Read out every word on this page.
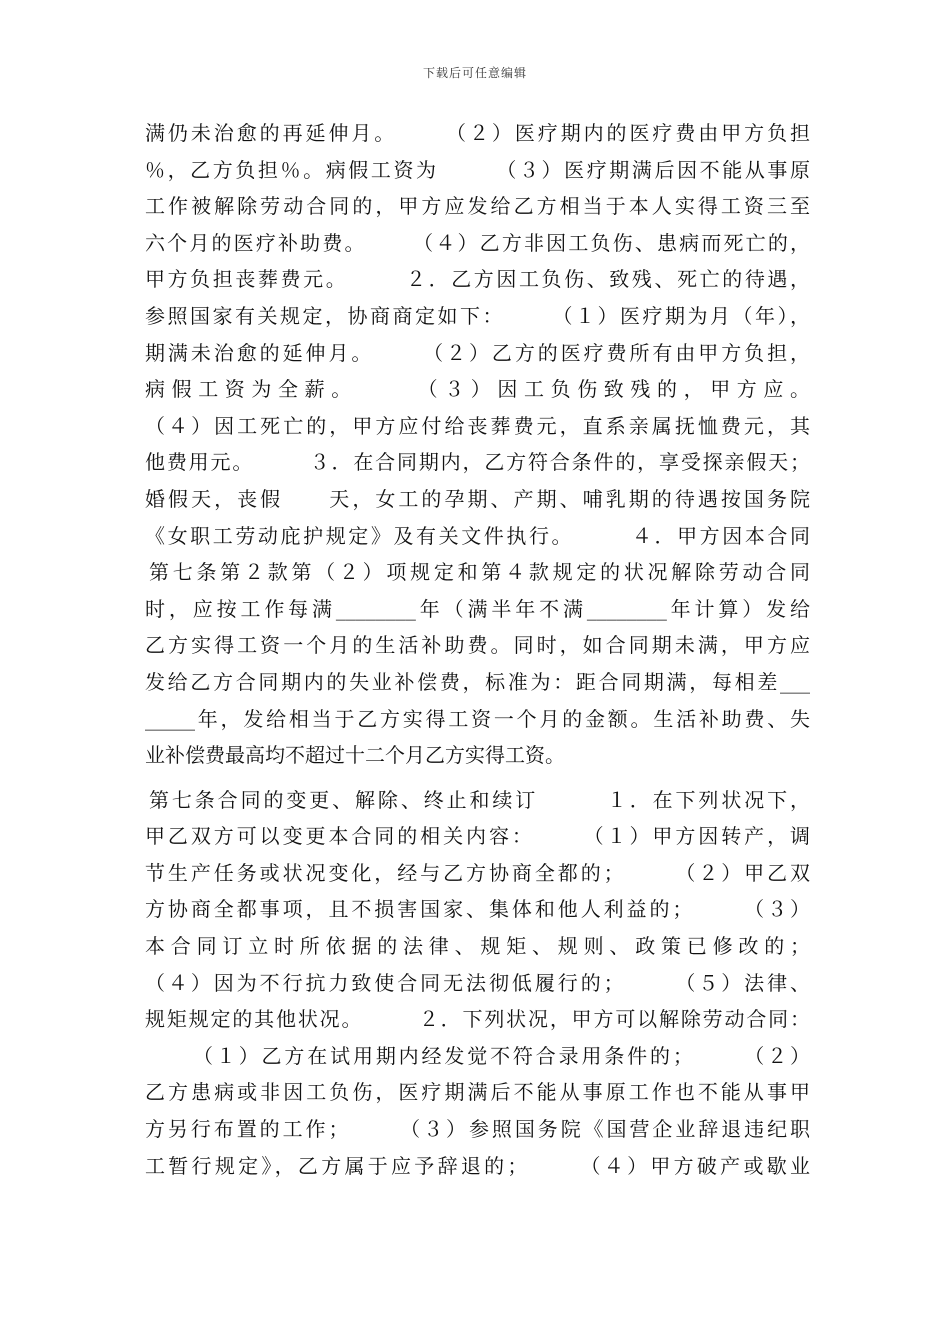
下载后可任意编辑
满仍未治愈的再延伸月。　　　（２）医疗期内的医疗费由甲方负担
％，乙方负担％。病假工资为　　　（３）医疗期满后因不能从事原
工作被解除劳动合同的，甲方应发给乙方相当于本人实得工资三至
六个月的医疗补助费。　　　（４）乙方非因工负伤、患病而死亡的，
甲方负担丧葬费元。　　　２．乙方因工负伤、致残、死亡的待遇，
参照国家有关规定，协商商定如下：　　　（１）医疗期为月（年），
期满未治愈的延伸月。　　　（２）乙方的医疗费所有由甲方负担，
病假工资为全薪。　　　（３）因工负伤致残的，甲方应。
（４）因工死亡的，甲方应付给丧葬费元，直系亲属抚恤费元，其
他费用元。　　　３．在合同期内，乙方符合条件的，享受探亲假天；
婚假天，丧假　　天，女工的孕期、产期、哺乳期的待遇按国务院
《女职工劳动庇护规定》及有关文件执行。　　　４．甲方因本合同
第七条第２款第（２）项规定和第４款规定的状况解除劳动合同
时，应按工作每满________年（满半年不满________年计算）发给
乙方实得工资一个月的生活补助费。同时，如合同期未满，甲方应
发给乙方合同期内的失业补偿费，标准为：距合同期满，每相差___
_____年，发给相当于乙方实得工资一个月的金额。生活补助费、失
业补偿费最高均不超过十二个月乙方实得工资。
第七条合同的变更、解除、终止和续订　　　１．在下列状况下，
甲乙双方可以变更本合同的相关内容：　　　（１）甲方因转产，调
节生产任务或状况变化，经与乙方协商全都的；　　　（２）甲乙双
方协商全都事项，且不损害国家、集体和他人利益的；　　　（３）
本合同订立时所依据的法律、规矩、规则、政策已修改的；
（４）因为不行抗力致使合同无法彻低履行的；　　　（５）法律、
规矩规定的其他状况。　　　２．下列状况，甲方可以解除劳动合同：
（１）乙方在试用期内经发觉不符合录用条件的；　　　（２）
乙方患病或非因工负伤，医疗期满后不能从事原工作也不能从事甲
方另行布置的工作；　　　（３）参照国务院《国营企业辞退违纪职
工暂行规定》，乙方属于应予辞退的；　　　（４）甲方破产或歇业
